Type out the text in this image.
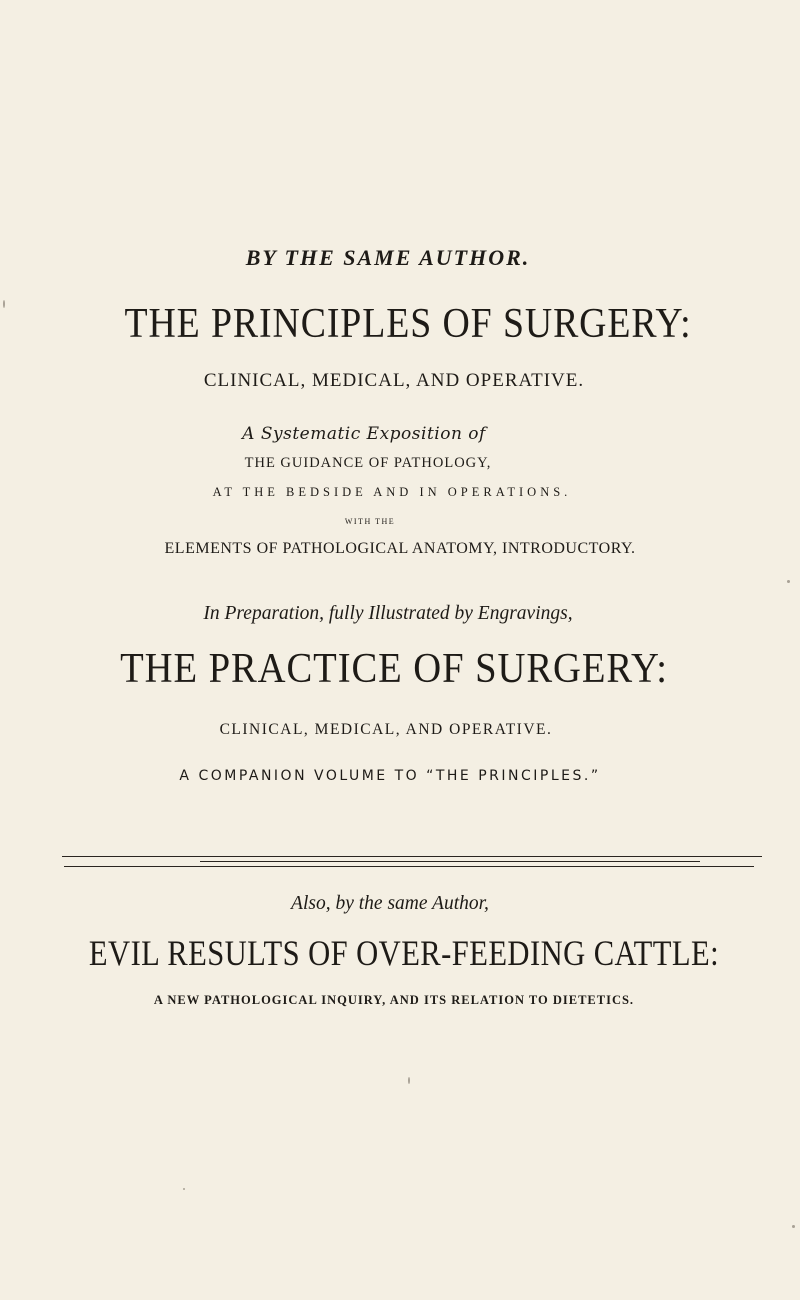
BY THE SAME AUTHOR.
THE PRINCIPLES OF SURGERY:
CLINICAL, MEDICAL, AND OPERATIVE.
A Systematic Exposition of
THE GUIDANCE OF PATHOLOGY,
AT THE BEDSIDE AND IN OPERATIONS.
WITH THE
ELEMENTS OF PATHOLOGICAL ANATOMY, INTRODUCTORY.
In Preparation, fully Illustrated by Engravings,
THE PRACTICE OF SURGERY:
CLINICAL, MEDICAL, AND OPERATIVE.
A COMPANION VOLUME TO “THE PRINCIPLES.”
Also, by the same Author,
EVIL RESULTS OF OVER-FEEDING CATTLE:
A NEW PATHOLOGICAL INQUIRY, AND ITS RELATION TO DIETETICS.
